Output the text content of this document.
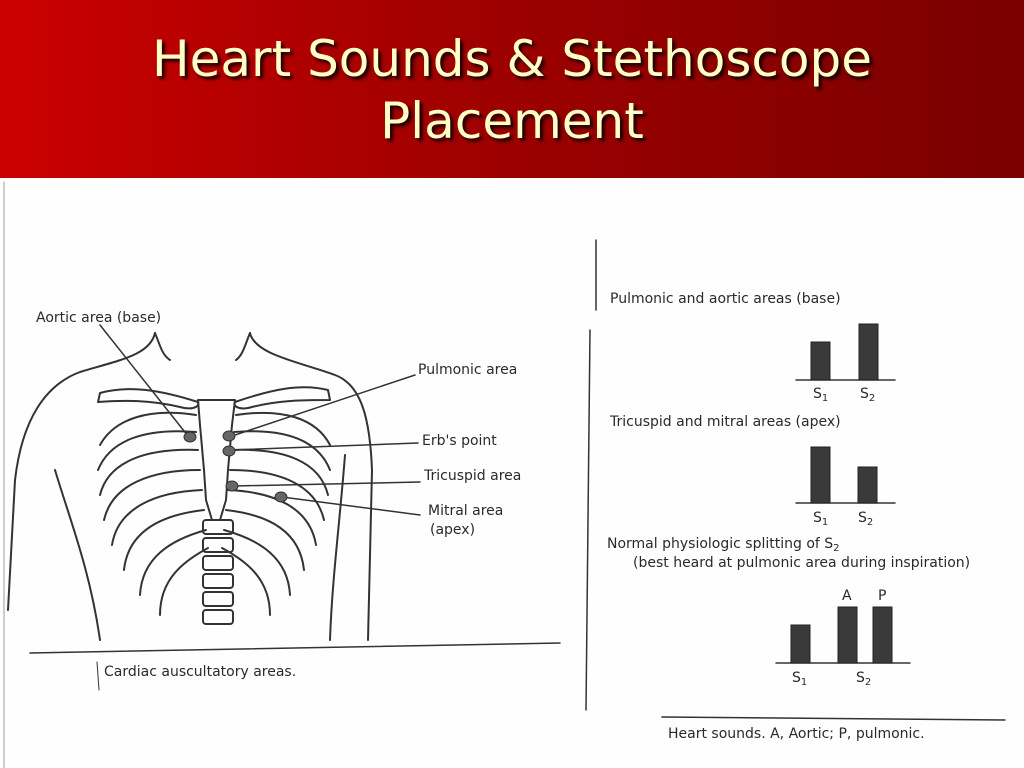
Heart Sounds & Stethoscope
Placement
Aortic area (base)
Pulmonic area
Erb's point
Tricuspid area
Mitral area
(apex)
Cardiac auscultatory areas.
Pulmonic and aortic areas (base)
$S_1$ $S_2$
Tricuspid and mitral areas (apex)
$S_1$ $S_2$
Normal physiologic splitting of $S_2$
(best heard at pulmonic area during inspiration)
A P
$S_1$	$S_2$
Heart sounds. A, Aortic; P, pulmonic.
